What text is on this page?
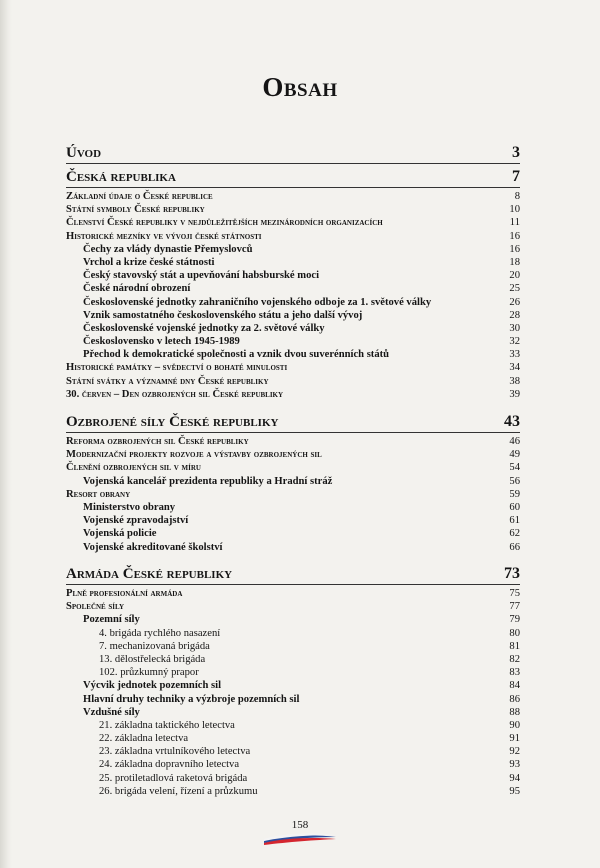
Obsah
Úvod	3
Česká republika	7
Základní údaje o České republice	8
Státní symboly České republiky	10
Členství České republiky v nejdůležitějších mezinárodních organizacích	11
Historické mezníky ve vývoji české státnosti	16
Čechy za vlády dynastie Přemyslovců	16
Vrchol a krize české státnosti	18
Český stavovský stát a upevňování habsburské moci	20
České národní obrození	25
Československé jednotky zahraničního vojenského odboje za 1. světové války	26
Vznik samostatného československého státu a jeho další vývoj	28
Československé vojenské jednotky za 2. světové války	30
Československo v letech 1945-1989	32
Přechod k demokratické společnosti a vznik dvou suverénních států	33
Historické památky – svědectví o bohaté minulosti	34
Státní svátky a významné dny České republiky	38
30. červen – Den ozbrojených sil České republiky	39
Ozbrojené síly České republiky	43
Reforma ozbrojených sil České republiky	46
Modernizační projekty rozvoje a výstavby ozbrojených sil	49
Členění ozbrojených sil v míru	54
Vojenská kancelář prezidenta republiky a Hradní stráž	56
Resort obrany	59
Ministerstvo obrany	60
Vojenské zpravodajství	61
Vojenská policie	62
Vojenské akreditované školství	66
Armáda České republiky	73
Plně profesionální armáda	75
Společné síly	77
Pozemní síly	79
4. brigáda rychlého nasazení	80
7. mechanizovaná brigáda	81
13. dělostřelecká brigáda	82
102. průzkumný prapor	83
Výcvik jednotek pozemních sil	84
Hlavní druhy techniky a výzbroje pozemních sil	86
Vzdušné síly	88
21. základna taktického letectva	90
22. základna letectva	91
23. základna vrtulníkového letectva	92
24. základna dopravního letectva	93
25. protiletadlová raketová brigáda	94
26. brigáda velení, řízení a průzkumu	95
158
